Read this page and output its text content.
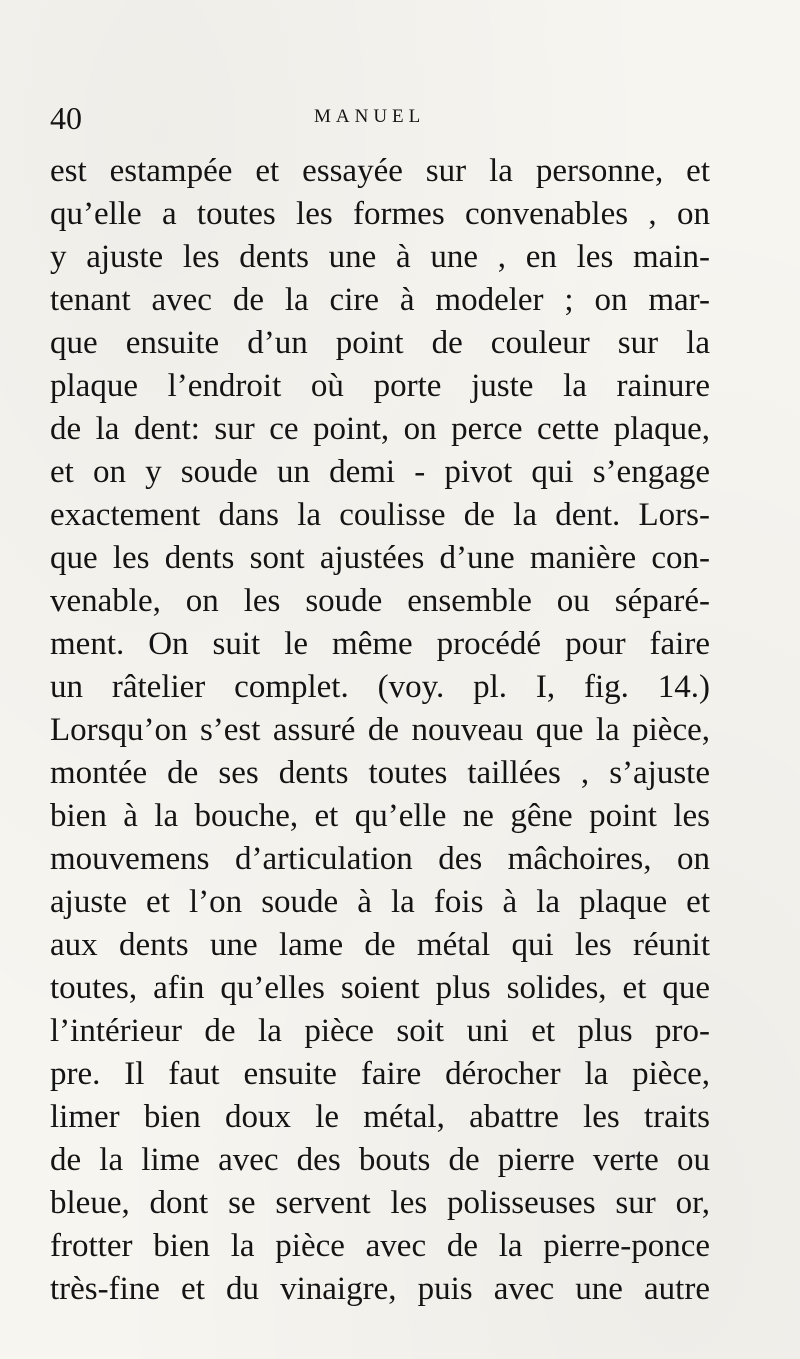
40	MANUEL
est estampée et essayée sur la personne, et
qu’elle a toutes les formes convenables , on
y ajuste les dents une à une , en les main-
tenant avec de la cire à modeler ; on mar-
que ensuite d’un point de couleur sur la
plaque l’endroit où porte juste la rainure
de la dent: sur ce point, on perce cette plaque,
et on y soude un demi - pivot qui s’engage
exactement dans la coulisse de la dent. Lors-
que les dents sont ajustées d’une manière con-
venable, on les soude ensemble ou séparé-
ment. On suit le même procédé pour faire
un râtelier complet. (voy. pl. I, fig. 14.)
Lorsqu’on s’est assuré de nouveau que la pièce,
montée de ses dents toutes taillées , s’ajuste
bien à la bouche, et qu’elle ne gêne point les
mouvemens d’articulation des mâchoires, on
ajuste et l’on soude à la fois à la plaque et
aux dents une lame de métal qui les réunit
toutes, afin qu’elles soient plus solides, et que
l’intérieur de la pièce soit uni et plus pro-
pre. Il faut ensuite faire dérocher la pièce,
limer bien doux le métal, abattre les traits
de la lime avec des bouts de pierre verte ou
bleue, dont se servent les polisseuses sur or,
frotter bien la pièce avec de la pierre-ponce
très-fine et du vinaigre, puis avec une autre
